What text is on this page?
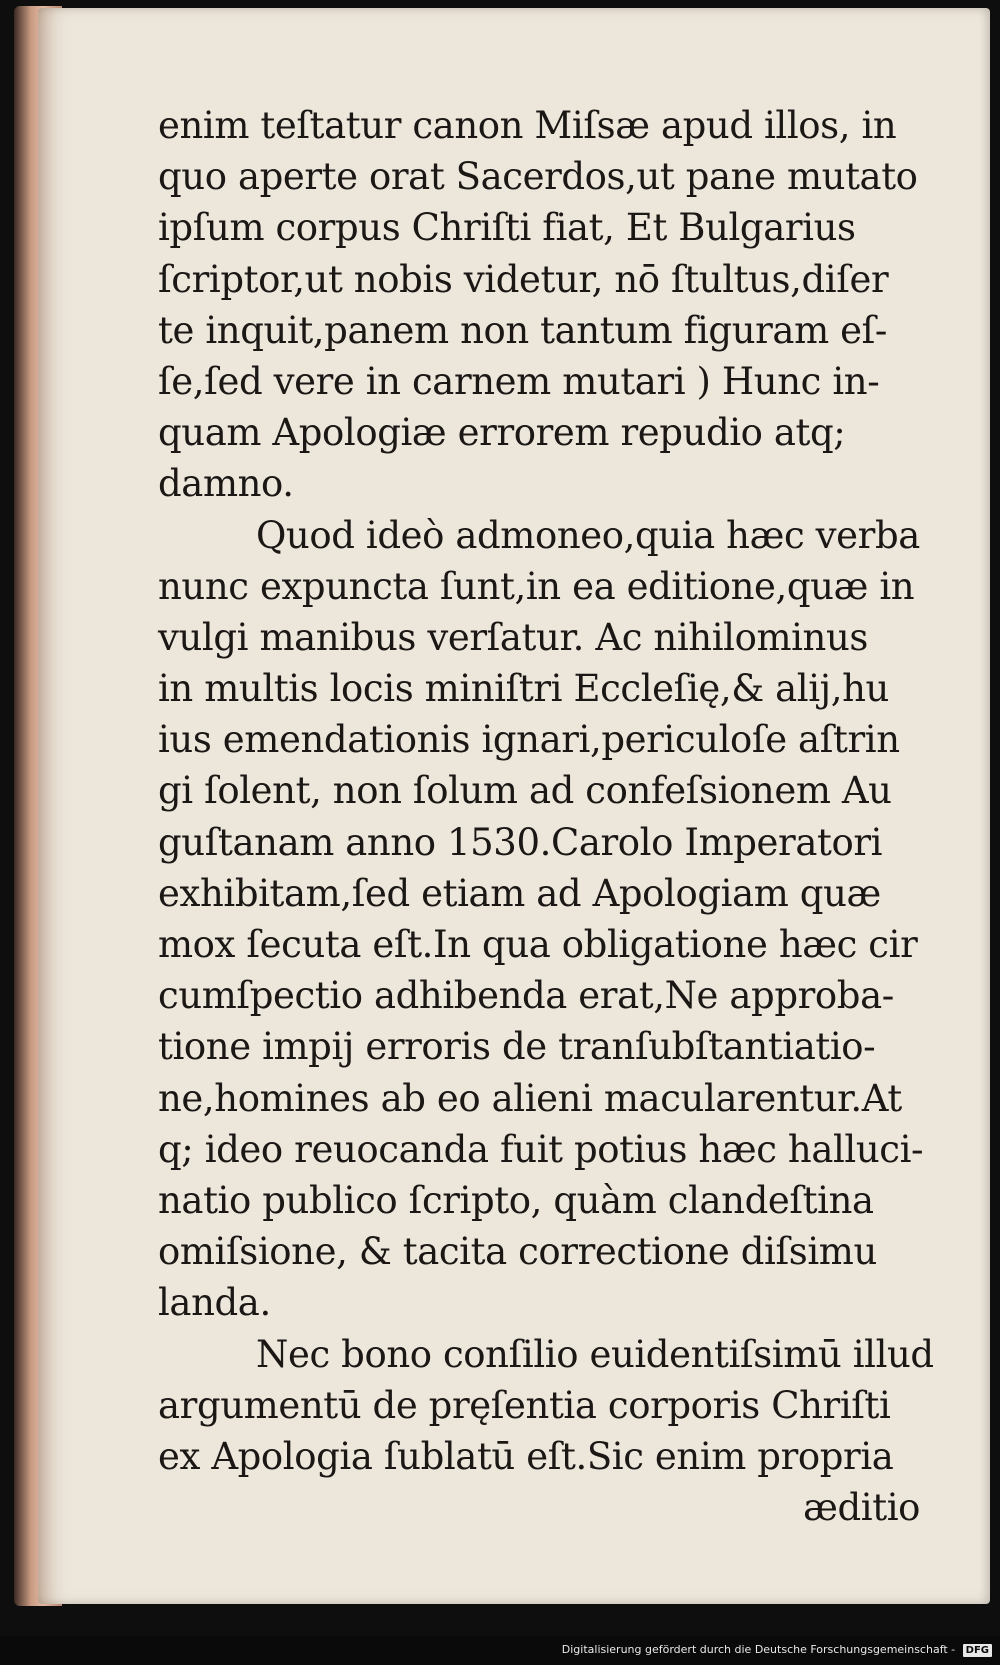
enim teſtatur canon Miſsæ apud illos, in
quo aperte orat Sacerdos,ut pane mutato
ipſum corpus Chriſti fiat, Et Bulgarius
ſcriptor,ut nobis videtur, nō ſtultus,diſer
te inquit,panem non tantum figuram eſ-
ſe,ſed vere in carnem mutari ) Hunc in-
quam Apologiæ errorem repudio atq;
damno.
Quod ideò admoneo,quia hæc verba
nunc expuncta ſunt,in ea editione,quæ in
vulgi manibus verſatur. Ac nihilominus
in multis locis miniſtri Eccleſię,& alij,hu
ius emendationis ignari,periculoſe aſtrin
gi ſolent, non ſolum ad confeſsionem Au
guſtanam anno 1530.Carolo Imperatori
exhibitam,ſed etiam ad Apologiam quæ
mox ſecuta eſt.In qua obligatione hæc cir
cumſpectio adhibenda erat,Ne approba-
tione impij erroris de tranſubſtantiatio-
ne,homines ab eo alieni macularentur.At
q; ideo reuocanda fuit potius hæc halluci-
natio publico ſcripto, quàm clandeſtina
omiſsione, & tacita correctione diſsimu
landa.
Nec bono conſilio euidentiſsimū illud
argumentū de pręſentia corporis Chriſti
ex Apologia ſublatū eſt.Sic enim propria
æditio
Digitalisierung gefördert durch die Deutsche Forschungsgemeinschaft - DFG
